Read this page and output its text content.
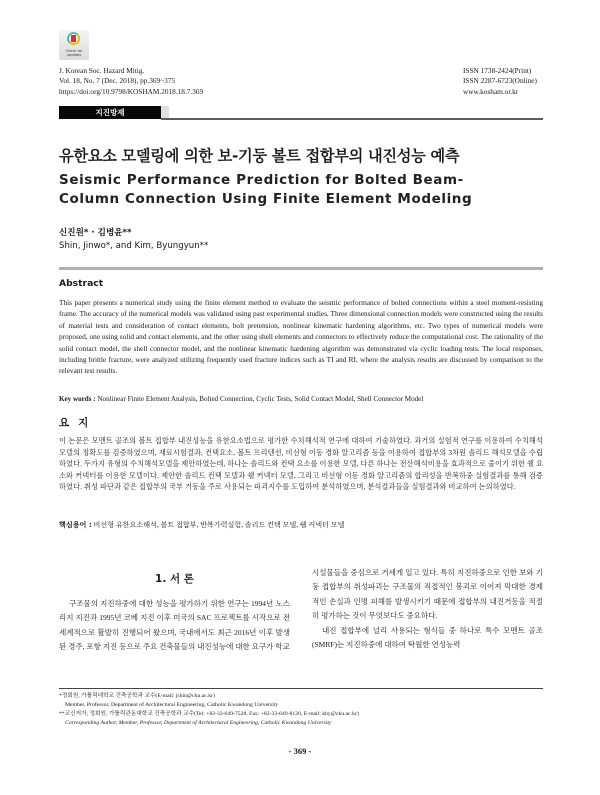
Check for updates
J. Korean Soc. Hazard Mitig.
Vol. 18, No. 7 (Dec. 2018), pp.369~375
https://doi.org/10.9798/KOSHAM.2018.18.7.369
ISSN 1738-2424(Print)
ISSN 2287-6723(Online)
www.kosham.or.kr
지진방재
유한요소 모델링에 의한 보-기둥 볼트 접합부의 내진성능 예측
Seismic Performance Prediction for Bolted Beam-Column Connection Using Finite Element Modeling
신진원* · 김병윤**
Shin, Jinwo*, and Kim, Byungyun**
Abstract
This paper presents a numerical study using the finite element method to evaluate the seismic performance of bolted connections within a steel moment-resisting frame. The accuracy of the numerical models was validated using past experimental studies. Three dimensional connection models were constructed using the results of material tests and consideration of contact elements, bolt pretension, nonlinear kinematic hardening algorithms, etc. Two types of numerical models were proposed, one using solid and contact elements, and the other using shell elements and connectors to effectively reduce the computational cost. The rationality of the solid contact model, the shell connector model, and the nonlinear kinematic hardening algorithm was demonstrated via cyclic loading tests. The local responses, including brittle fracture, were analyzed utilizing frequently used fracture indices such as TI and RI, where the analysis results are discussed by comparison to the relevant test results.
Key words : Nonlinear Finite Element Analysis, Bolted Connection, Cyclic Tests, Solid Contact Model, Shell Connector Model
요지
이 논문은 모멘트 골조의 볼트 접합부 내진성능을 유한요소법으로 평가한 수치해석적 연구에 대하여 기술하였다. 과거의 실험적 연구를 이용하여 수치해석모델의 정확도를 검증하였으며, 재료시험결과, 컨택요소, 볼트 프리텐션, 비선형 이동 경화 알고리즘 등을 이용하여 접합부의 3차원 솔리드 해석모델을 수립하였다. 두가지 유형의 수치해석모델을 제안하였는데, 하나는 솔리드와 컨택 요소를 이용한 모델, 다른 하나는 전산해석비용을 효과적으로 줄이기 위한 쉘 요소와 커넥터를 이용한 모델이다. 제안한 솔리드 컨택 모델과 쉘 커넥터 모델, 그리고 비선형 이동 경화 알고리즘의 합리성을 반복하중 실험결과를 통해 검증하였다. 취성 파단과 같은 접합부의 국부 거동을 주로 사용되는 파괴지수를 도입하여 분석하였으며, 분석결과들을 실험결과와 비교하여 논의하였다.
핵심용어 : 비선형 유한요소해석, 볼트 접합부, 반복가력실험, 솔리드 컨택 모델, 쉘 커넥터 모델
1. 서 론
구조물의 지진하중에 대한 성능을 평가하기 위한 연구는 1994년 노스리지 지진과 1995년 코베 지진 이후 미국의 SAC 프로젝트를 시작으로 전세계적으로 활발히 진행되어 왔으며, 국내에서도 최근 2016년 이후 발생된 경주, 포항 지진 등으로 주요 건축물들의 내진성능에 대한 요구가 학교
시설물들을 중심으로 거세게 일고 있다. 특히 지진하중으로 인한 보와 기둥 접합부의 취성파괴는 구조물의 직접적인 붕괴로 이어져 막대한 경제적인 손실과 인명 피해를 발생시키기 때문에 접합부의 내진거동을 적절히 평가하는 것이 무엇보다도 중요하다.
내진 접합부에 널리 사용되는 형식들 중 하나로 특수 모멘트 골조(SMRF)는 지진하중에 대하여 탁월한 연성능력
*정회원, 가톨릭대학교 건축공학과 교수(E-mail: jshin@cku.ac.kr)
Member, Professor, Department of Architectural Engineering, Catholic Kwandong University
**교신저자, 정회원, 가톨릭관동대학교 건축공학과 교수(Tel: +82-33-649-7528, Fax: +82-33-649-8120, E-mail: kby@cku.ac.kr)
Corresponding Author, Member, Professor, Department of Architectural Engineering, Catholic Kwandong University
- 369 -
